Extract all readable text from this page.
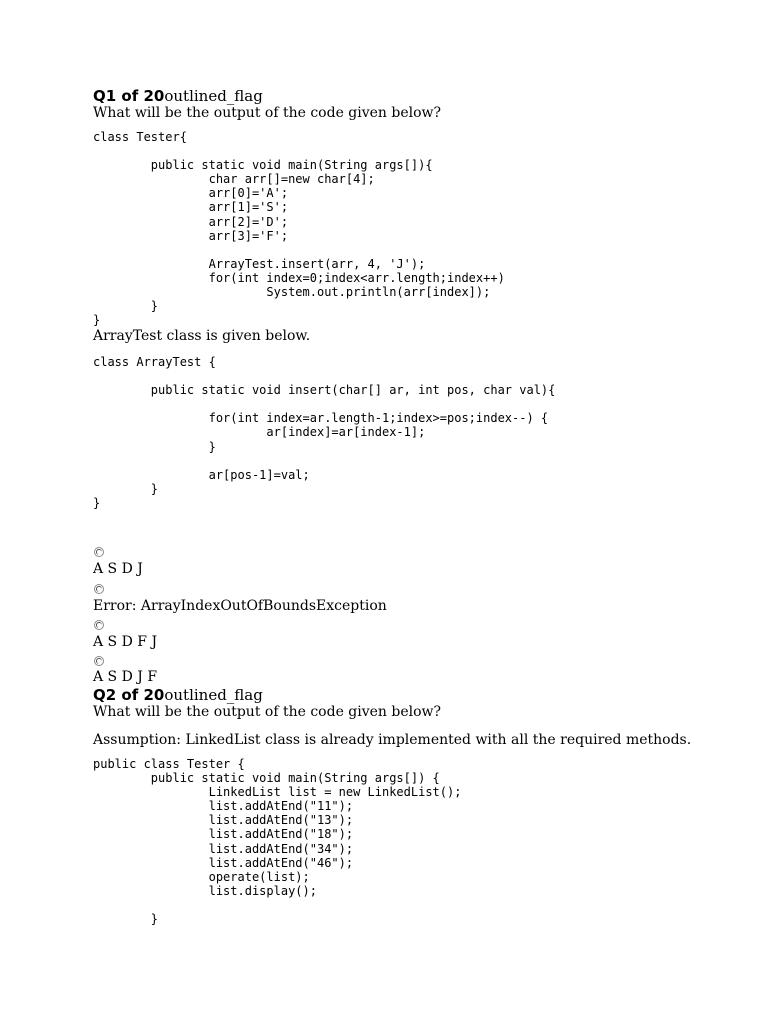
Q1 of 20outlined_flag
What will be the output of the code given below?
class Tester{

	public static void main(String args[]){
		char arr[]=new char[4];
		arr[0]='A';
		arr[1]='S';
		arr[2]='D';
		arr[3]='F';

		ArrayTest.insert(arr, 4, 'J');
		for(int index=0;index<arr.length;index++)
			System.out.println(arr[index]);
	}
}
ArrayTest class is given below.
class ArrayTest {

	public static void insert(char[] ar, int pos, char val){

		for(int index=ar.length-1;index>=pos;index--) {
			ar[index]=ar[index-1];
		}

		ar[pos-1]=val;
	}
}
A S D J
Error: ArrayIndexOutOfBoundsException
A S D F J
A S D J F
Q2 of 20outlined_flag
What will be the output of the code given below?
Assumption: LinkedList class is already implemented with all the required methods.
public class Tester {
	public static void main(String args[]) {
		LinkedList list = new LinkedList();
		list.addAtEnd("11");
		list.addAtEnd("13");
		list.addAtEnd("18");
		list.addAtEnd("34");
		list.addAtEnd("46");
		operate(list);
		list.display();

	}
